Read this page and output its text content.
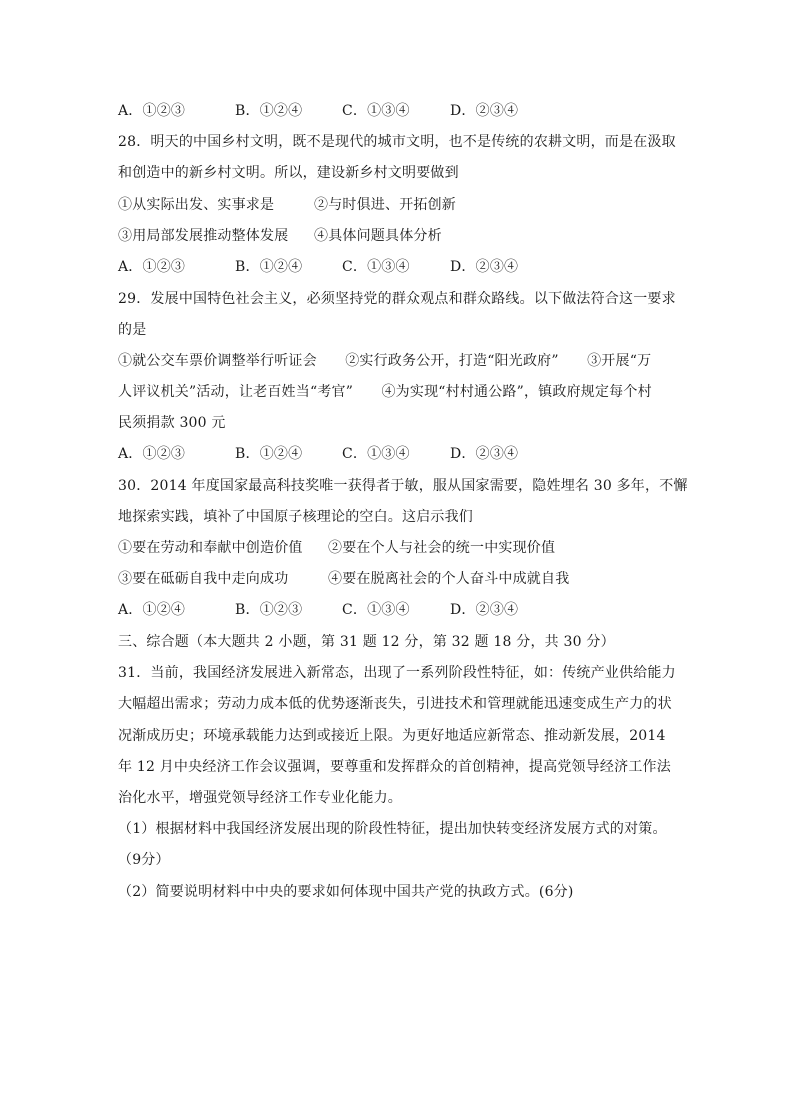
A．①②③	B．①②④	C．①③④	D．②③④
28．明天的中国乡村文明，既不是现代的城市文明，也不是传统的农耕文明，而是在汲取
和创造中的新乡村文明。所以，建设新乡村文明要做到
①从实际出发、实事求是	②与时俱进、开拓创新
③用局部发展推动整体发展 ④具体问题具体分析
A．①②③	B．①②④	C．①③④	D．②③④
29．发展中国特色社会主义，必须坚持党的群众观点和群众路线。以下做法符合这一要求
的是
①就公交车票价调整举行听证会　　②实行政务公开，打造“阳光政府”　　③开展“万
人评议机关”活动，让老百姓当“考官”　　④为实现“村村通公路”，镇政府规定每个村
民须捐款 300 元
A．①②③	B．①②④	C．①③④	D．②③④
30．2014 年度国家最高科技奖唯一获得者于敏，服从国家需要，隐姓埋名 30 多年，不懈
地探索实践，填补了中国原子核理论的空白。这启示我们
①要在劳动和奉献中创造价值 ②要在个人与社会的统一中实现价值
③要在砥砺自我中走向成功	④要在脱离社会的个人奋斗中成就自我
A．①②④	B．①②③	C．①③④	D．②③④
三、综合题（本大题共 2 小题，第 31 题 12 分，第 32 题 18 分，共 30 分）
31．当前，我国经济发展进入新常态，出现了一系列阶段性特征，如：传统产业供给能力
大幅超出需求；劳动力成本低的优势逐渐丧失，引进技术和管理就能迅速变成生产力的状
况渐成历史；环境承载能力达到或接近上限。为更好地适应新常态、推动新发展，2014
年 12 月中央经济工作会议强调，要尊重和发挥群众的首创精神，提高党领导经济工作法
治化水平，增强党领导经济工作专业化能力。
（1）根据材料中我国经济发展出现的阶段性特征，提出加快转变经济发展方式的对策。
（9分）
（2）简要说明材料中中央的要求如何体现中国共产党的执政方式。(6分)
